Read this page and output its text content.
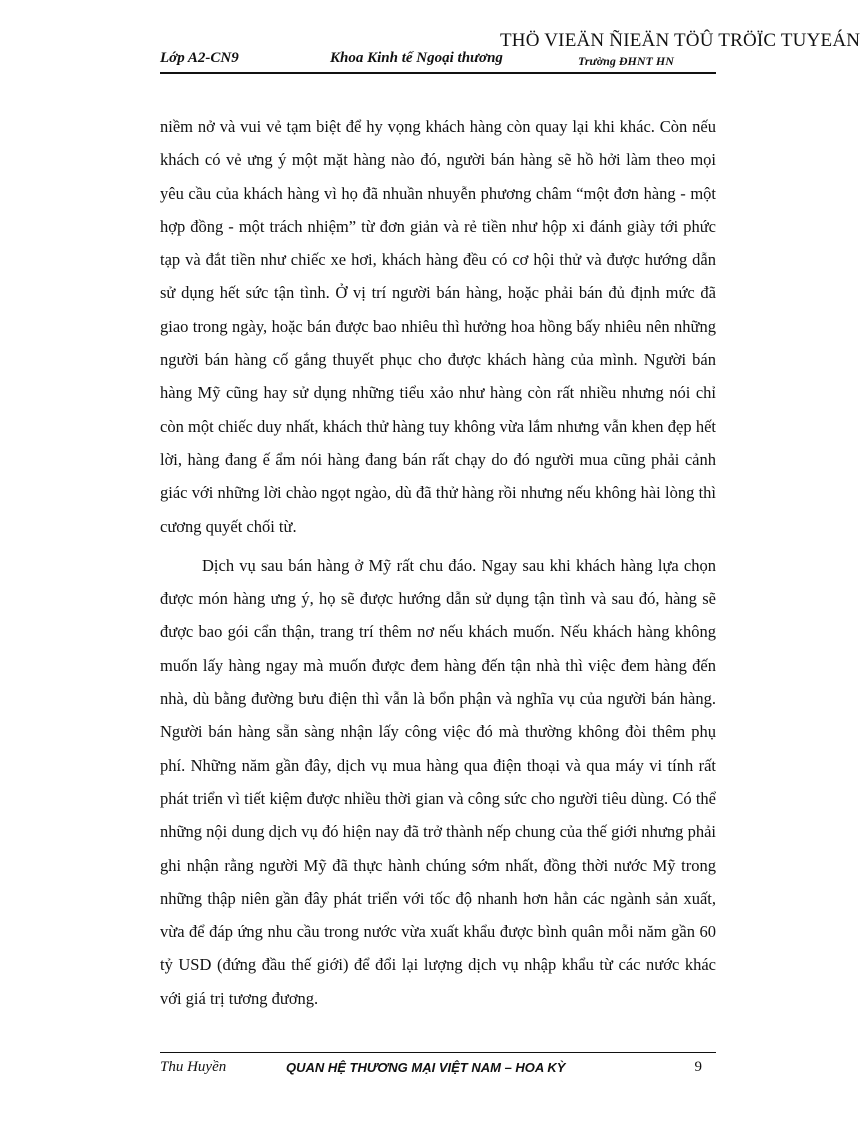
THÖ VIEÄN ÑIEÄN TÖÛ TRÖÏC TUYEÁN
Lớp A2-CN9	Khoa Kinh tế Ngoại thương	Trường ĐHNT HN

niềm nở và vui vẻ tạm biệt để hy vọng khách hàng còn quay lại khi khác. Còn nếu khách có vẻ ưng ý một mặt hàng nào đó, người bán hàng sẽ hồ hởi làm theo mọi yêu cầu của khách hàng vì họ đã nhuần nhuyễn phương châm “một đơn hàng - một hợp đồng - một trách nhiệm” từ đơn giản và rẻ tiền như hộp xi đánh giày tới phức tạp và đắt tiền như chiếc xe hơi, khách hàng đều có cơ hội thử và được hướng dẫn sử dụng hết sức tận tình. Ở vị trí người bán hàng, hoặc phải bán đủ định mức đã giao trong ngày, hoặc bán được bao nhiêu thì hưởng hoa hồng bấy nhiêu nên những người bán hàng cố gắng thuyết phục cho được khách hàng của mình. Người bán hàng Mỹ cũng hay sử dụng những tiểu xảo như hàng còn rất nhiều nhưng nói chỉ còn một chiếc duy nhất, khách thử hàng tuy không vừa lắm nhưng vẫn khen đẹp hết lời, hàng đang ế ẩm nói hàng đang bán rất chạy do đó người mua cũng phải cảnh giác với những lời chào ngọt ngào, dù đã thử hàng rồi nhưng nếu không hài lòng thì cương quyết chối từ.

Dịch vụ sau bán hàng ở Mỹ rất chu đáo. Ngay sau khi khách hàng lựa chọn được món hàng ưng ý, họ sẽ được hướng dẫn sử dụng tận tình và sau đó, hàng sẽ được bao gói cẩn thận, trang trí thêm nơ nếu khách muốn. Nếu khách hàng không muốn lấy hàng ngay mà muốn được đem hàng đến tận nhà thì việc đem hàng đến nhà, dù bằng đường bưu điện thì vẫn là bổn phận và nghĩa vụ của người bán hàng. Người bán hàng sẵn sàng nhận lấy công việc đó mà thường không đòi thêm phụ phí. Những năm gần đây, dịch vụ mua hàng qua điện thoại và qua máy vi tính rất phát triển vì tiết kiệm được nhiều thời gian và công sức cho người tiêu dùng. Có thể những nội dung dịch vụ đó hiện nay đã trở thành nếp chung của thế giới nhưng phải ghi nhận rằng người Mỹ đã thực hành chúng sớm nhất, đồng thời nước Mỹ trong những thập niên gần đây phát triển với tốc độ nhanh hơn hẳn các ngành sản xuất, vừa để đáp ứng nhu cầu trong nước vừa xuất khẩu được bình quân mỗi năm gần 60 tỷ USD (đứng đầu thế giới) để đổi lại lượng dịch vụ nhập khẩu từ các nước khác với giá trị tương đương.

Thu Huyền	QUAN HỆ THƯƠNG MẠI VIỆT NAM – HOA KỲ	9
